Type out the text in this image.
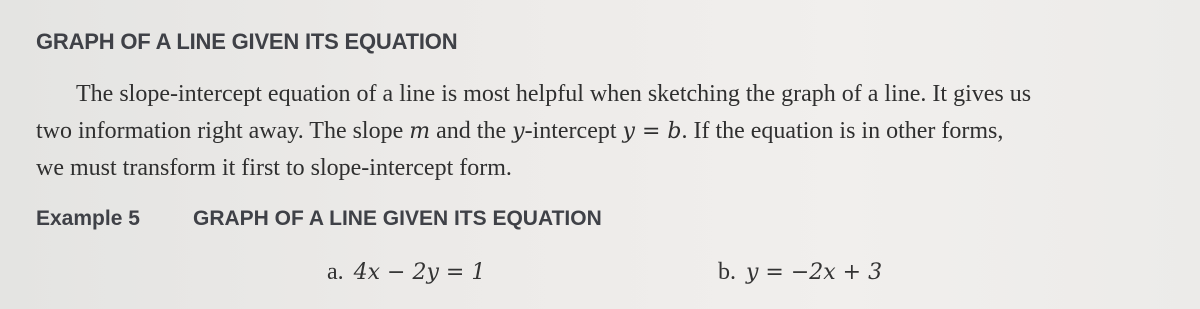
GRAPH OF A LINE GIVEN ITS EQUATION
The slope-intercept equation of a line is most helpful when sketching the graph of a line. It gives us
two information right away. The slope m and the y-intercept y = b. If the equation is in other forms,
we must transform it first to slope-intercept form.
Example 5	GRAPH OF A LINE GIVEN ITS EQUATION
a. 4x − 2y = 1	b. y = −2x + 3
